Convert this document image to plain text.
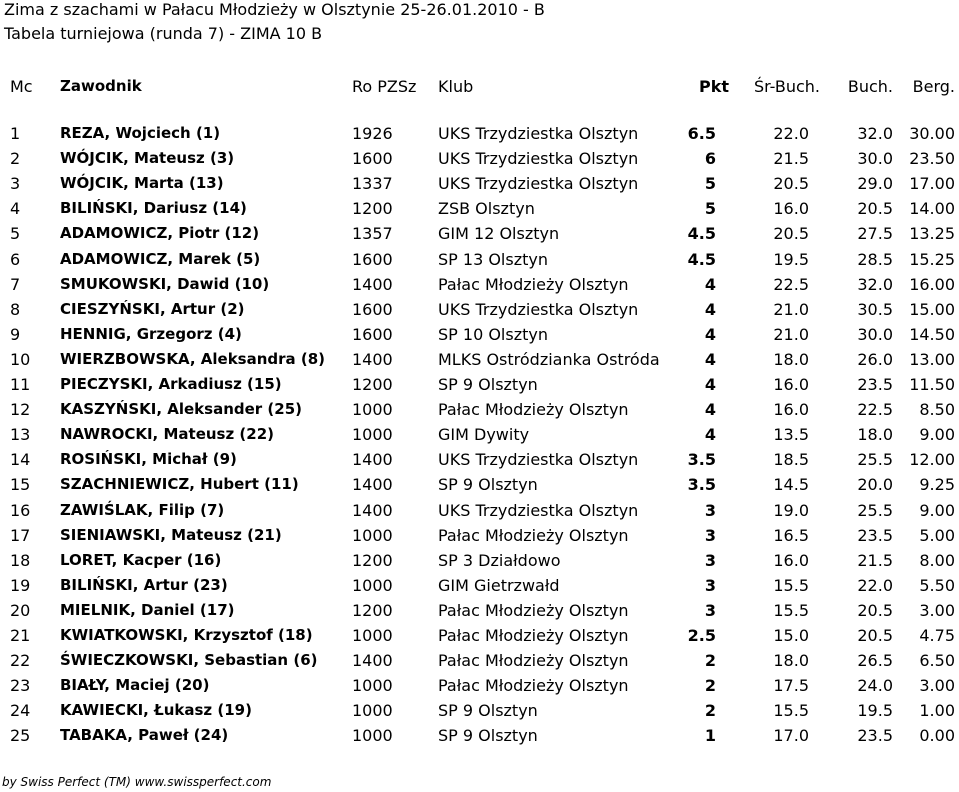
Zima z szachami w Pałacu Młodzieży w Olsztynie 25-26.01.2010 - B
Tabela turniejowa (runda 7) - ZIMA 10 B
Mc Zawodnik	Ro PZSz Klub	Pkt Śr-Buch. Buch. Berg.
1	REZA, Wojciech (1)	1926	UKS Trzydziestka Olsztyn	6.5	22.0	32.0 30.00
2	WÓJCIK, Mateusz (3)	1600	UKS Trzydziestka Olsztyn	6	21.5	30.0 23.50
3	WÓJCIK, Marta (13)	1337	UKS Trzydziestka Olsztyn	5	20.5	29.0 17.00
4	BILIŃSKI, Dariusz (14)	1200	ZSB Olsztyn	5	16.0	20.5 14.00
5	ADAMOWICZ, Piotr (12)	1357	GIM 12 Olsztyn	4.5	20.5	27.5 13.25
6	ADAMOWICZ, Marek (5)	1600	SP 13 Olsztyn	4.5	19.5	28.5 15.25
7	SMUKOWSKI, Dawid (10)	1400	Pałac Młodzieży Olsztyn	4	22.5	32.0 16.00
8	CIESZYŃSKI, Artur (2)	1600	UKS Trzydziestka Olsztyn	4	21.0	30.5 15.00
9	HENNIG, Grzegorz (4)	1600	SP 10 Olsztyn	4	21.0	30.0 14.50
10 WIERZBOWSKA, Aleksandra (8) 1400	MLKS Ostródzianka Ostróda	4	18.0	26.0 13.00
11 PIECZYSKI, Arkadiusz (15)	1200	SP 9 Olsztyn	4	16.0	23.5 11.50
12 KASZYŃSKI, Aleksander (25)	1000	Pałac Młodzieży Olsztyn	4	16.0	22.5 8.50
13 NAWROCKI, Mateusz (22)	1000	GIM Dywity	4	13.5	18.0 9.00
14 ROSIŃSKI, Michał (9)	1400	UKS Trzydziestka Olsztyn	3.5	18.5	25.5 12.00
15 SZACHNIEWICZ, Hubert (11)	1400	SP 9 Olsztyn	3.5	14.5	20.0 9.25
16 ZAWIŚLAK, Filip (7)	1400	UKS Trzydziestka Olsztyn	3	19.0	25.5 9.00
17 SIENIAWSKI, Mateusz (21)	1000	Pałac Młodzieży Olsztyn	3	16.5	23.5 5.00
18 LORET, Kacper (16)	1200	SP 3 Działdowo	3	16.0	21.5 8.00
19 BILIŃSKI, Artur (23)	1000	GIM Gietrzwałd	3	15.5	22.0 5.50
20 MIELNIK, Daniel (17)	1200	Pałac Młodzieży Olsztyn	3	15.5	20.5 3.00
21 KWIATKOWSKI, Krzysztof (18) 1000	Pałac Młodzieży Olsztyn	2.5	15.0	20.5 4.75
22 ŚWIECZKOWSKI, Sebastian (6) 1400	Pałac Młodzieży Olsztyn	2	18.0	26.5 6.50
23 BIAŁY, Maciej (20)	1000	Pałac Młodzieży Olsztyn	2	17.5	24.0 3.00
24 KAWIECKI, Łukasz (19)	1000	SP 9 Olsztyn	2	15.5	19.5 1.00
25 TABAKA, Paweł (24)	1000	SP 9 Olsztyn	1	17.0	23.5 0.00
by Swiss Perfect (TM) www.swissperfect.com
